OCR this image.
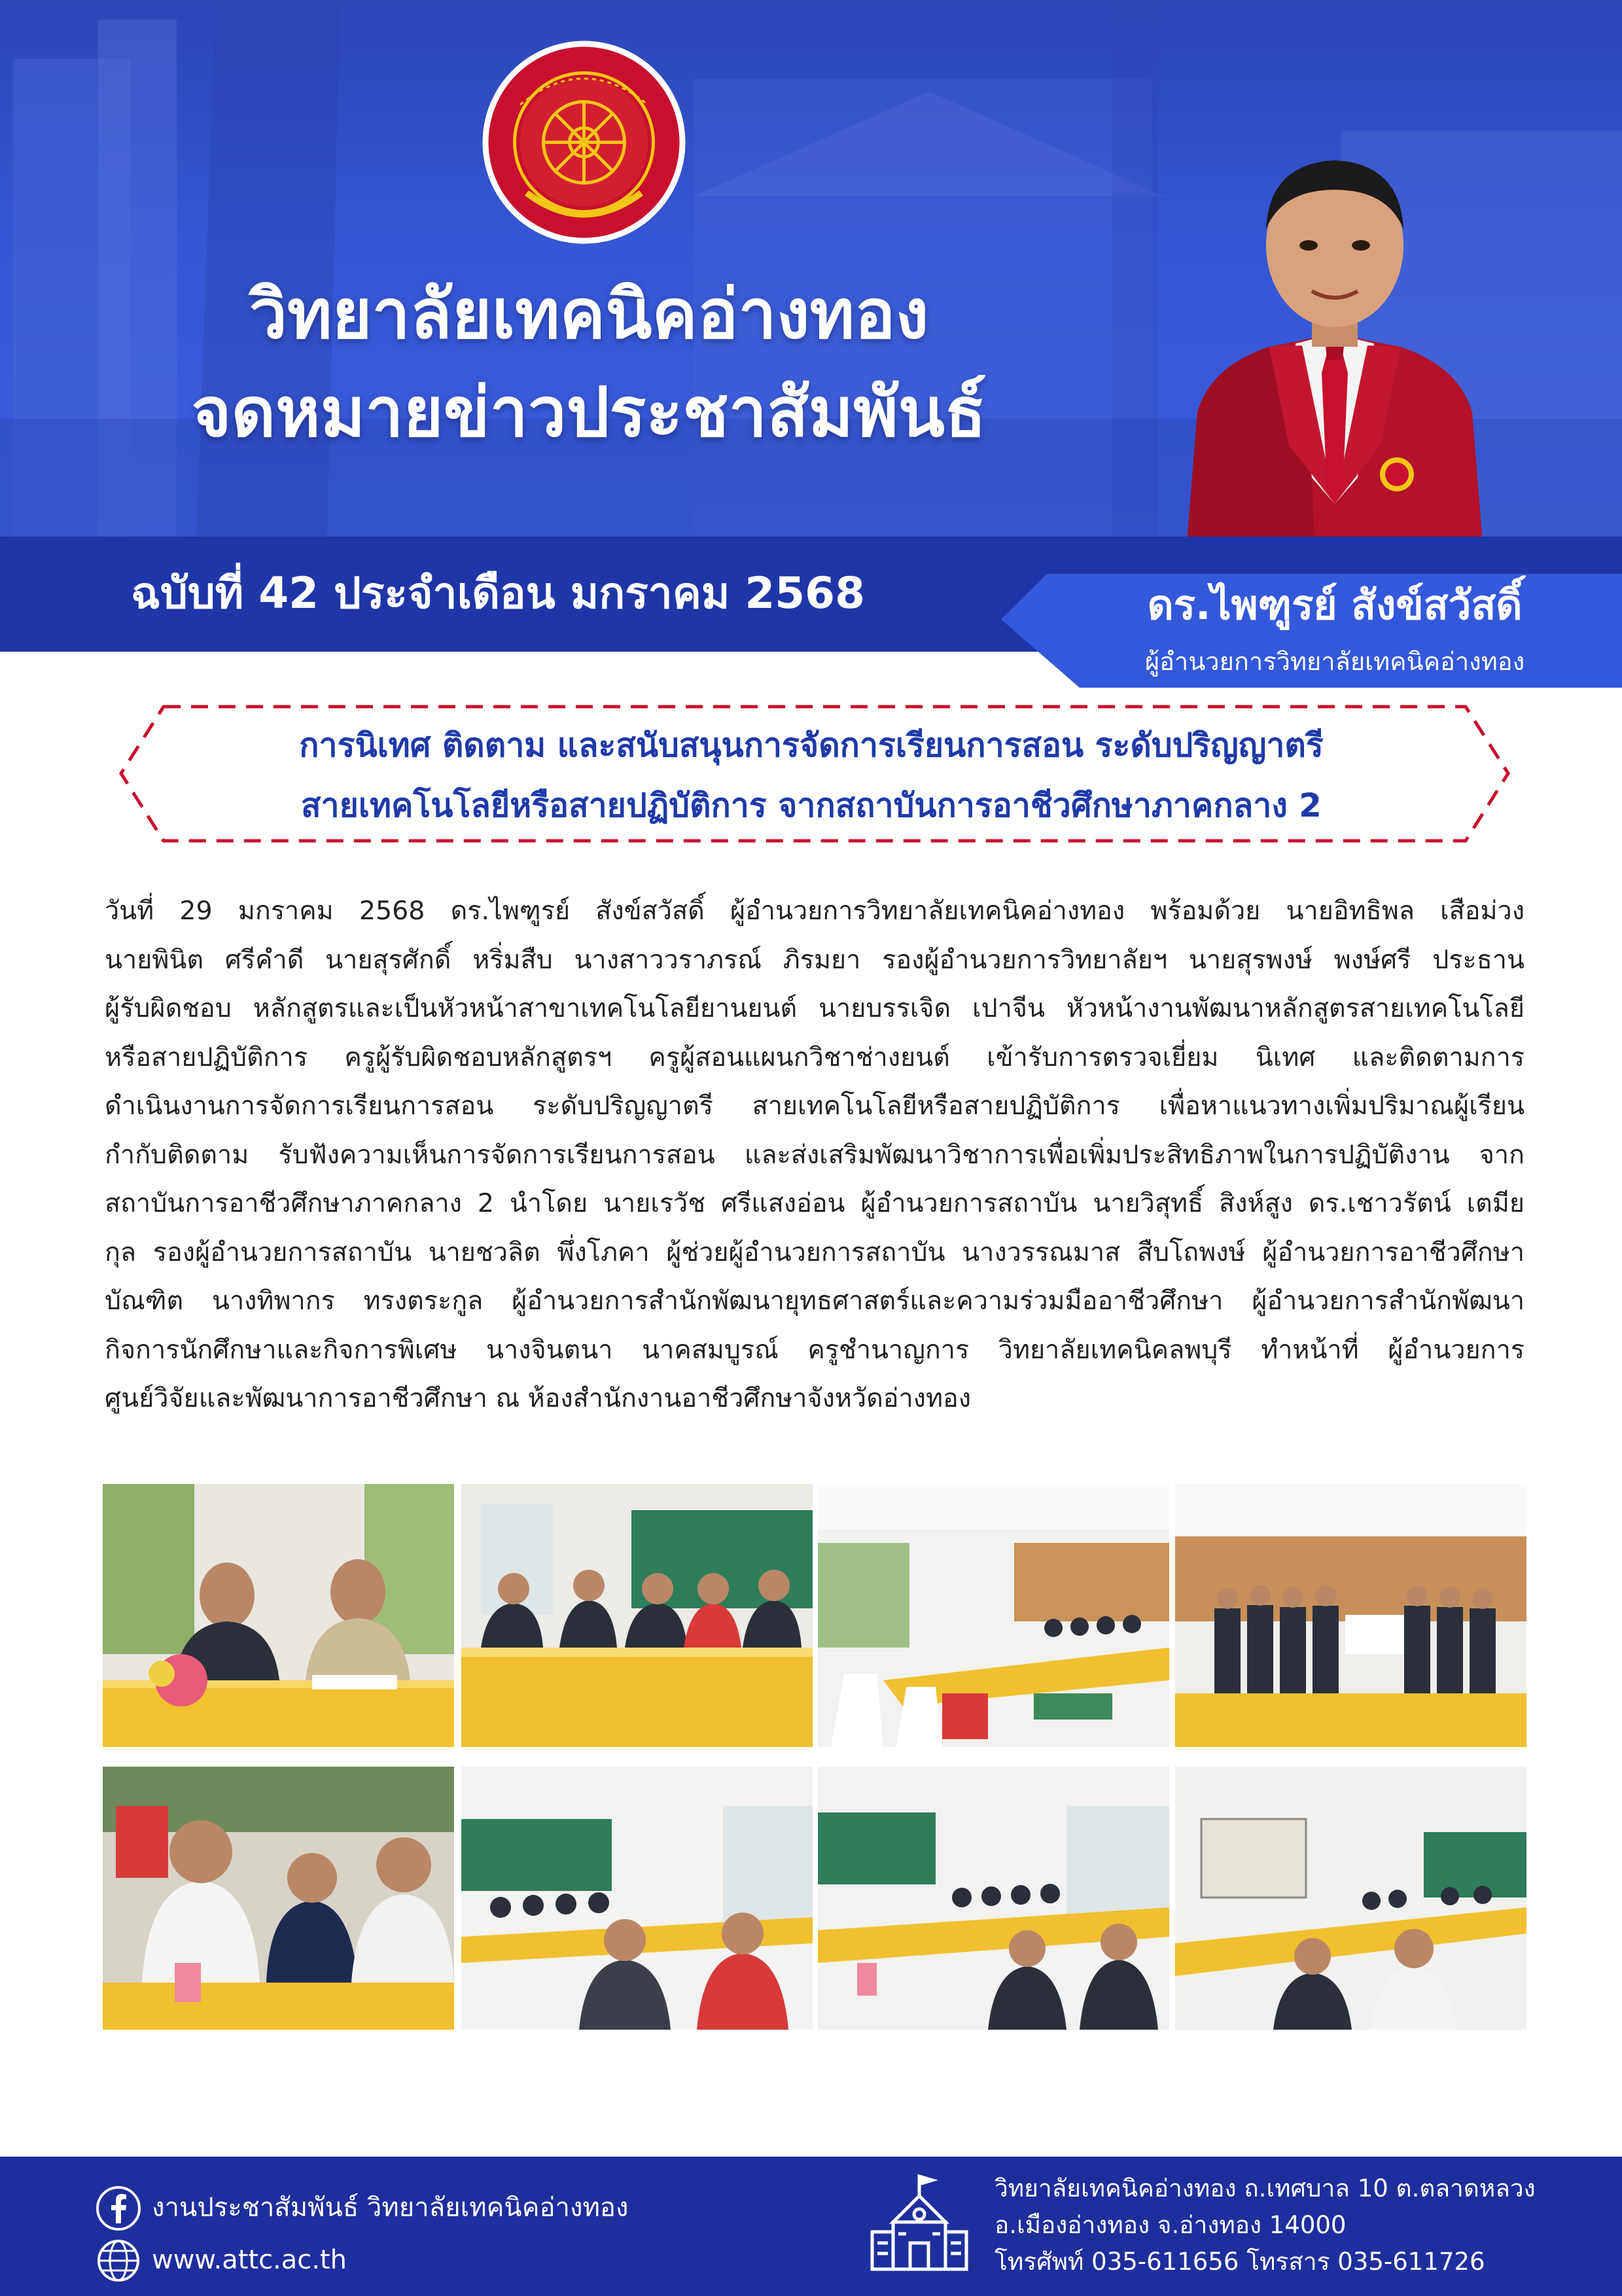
วิทยาลัยเทคนิคอ่างทอง
จดหมายข่าวประชาสัมพันธ์
ฉบับที่ 42 ประจำเดือน มกราคม 2568	ดร.ไพฑูรย์ สังข์สวัสดิ์
ผู้อำนวยการวิทยาลัยเทคนิคอ่างทอง
การนิเทศ ติดตาม และสนับสนุนการจัดการเรียนการสอน ระดับปริญญาตรี
สายเทคโนโลยีหรือสายปฏิบัติการ จากสถาบันการอาชีวศึกษาภาคกลาง 2
วันที่ 29 มกราคม 2568 ดร.ไพฑูรย์ สังข์สวัสดิ์ ผู้อำนวยการวิทยาลัยเทคนิคอ่างทอง พร้อมด้วย นายอิทธิพล เสือม่วง
นายพินิต ศรีคำดี นายสุรศักดิ์ หริ่มสืบ นางสาววราภรณ์ ภิรมยา รองผู้อำนวยการวิทยาลัยฯ นายสุรพงษ์ พงษ์ศรี ประธาน
ผู้รับผิดชอบ หลักสูตรและเป็นหัวหน้าสาขาเทคโนโลยียานยนต์ นายบรรเจิด เปาจีน หัวหน้างานพัฒนาหลักสูตรสายเทคโนโลยี
หรือสายปฏิบัติการ ครูผู้รับผิดชอบหลักสูตรฯ ครูผู้สอนแผนกวิชาช่างยนต์ เข้ารับการตรวจเยี่ยม นิเทศ และติดตามการ
ดำเนินงานการจัดการเรียนการสอน ระดับปริญญาตรี สายเทคโนโลยีหรือสายปฏิบัติการ เพื่อหาแนวทางเพิ่มปริมาณผู้เรียน
กำกับติดตาม รับฟังความเห็นการจัดการเรียนการสอน และส่งเสริมพัฒนาวิชาการเพื่อเพิ่มประสิทธิภาพในการปฏิบัติงาน จาก
สถาบันการอาชีวศึกษาภาคกลาง 2 นำโดย นายเรวัช ศรีแสงอ่อน ผู้อำนวยการสถาบัน นายวิสุทธิ์ สิงห์สูง ดร.เชาวรัตน์ เตมีย
กุล รองผู้อำนวยการสถาบัน นายชวลิต พึ่งโภคา ผู้ช่วยผู้อำนวยการสถาบัน นางวรรณมาส สืบโถพงษ์ ผู้อำนวยการอาชีวศึกษา
บัณฑิต นางทิพากร ทรงตระกูล ผู้อำนวยการสำนักพัฒนายุทธศาสตร์และความร่วมมืออาชีวศึกษา ผู้อำนวยการสำนักพัฒนา
กิจการนักศึกษาและกิจการพิเศษ นางจินตนา นาคสมบูรณ์ ครูชำนาญการ วิทยาลัยเทคนิคลพบุรี ทำหน้าที่ ผู้อำนวยการ
ศูนย์วิจัยและพัฒนาการอาชีวศึกษา ณ ห้องสำนักงานอาชีวศึกษาจังหวัดอ่างทอง
งานประชาสัมพันธ์ วิทยาลัยเทคนิคอ่างทอง
www.attc.ac.th
วิทยาลัยเทคนิคอ่างทอง ถ.เทศบาล 10 ต.ตลาดหลวง
อ.เมืองอ่างทอง จ.อ่างทอง 14000
โทรศัพท์ 035-611656 โทรสาร 035-611726
